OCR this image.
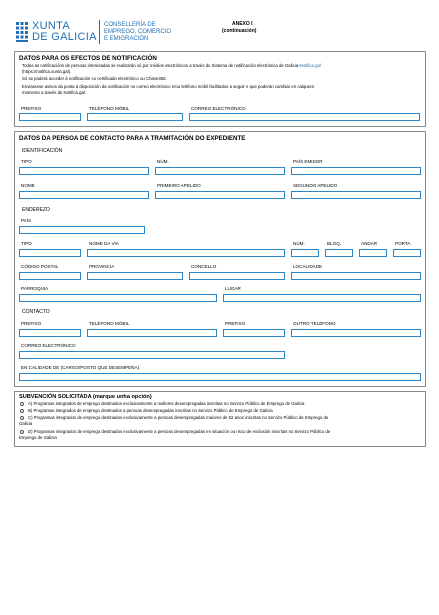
XUNTA
DE GALICIA
CONSELLERÍA DE
EMPREGO, COMERCIO
E EMIGRACIÓN
ANEXO I
(continuación)
DATOS PARA OS EFECTOS DE NOTIFICACIÓN
Todas as notificacións de persoas interesadas se realizarán só por medios electrónicos a través do Sistema de notificación electrónica de Galicia-Notifica.gal
(https://notifica.xunta.gal).
Só se poderá acceder á notificación co certificado electrónico ou Chave365.
Enviaranse avisos da posta á disposición da notificación no correo electrónico e/ou teléfono móbil facilitados a seguir e que poderán cambiar en calquera
momento a través de Notifica.gal.
PREFIXO	TELÉFONO MÓBIL	CORREO ELECTRÓNICO
DATOS DA PERSOA DE CONTACTO PARA A TRAMITACIÓN DO EXPEDIENTE
IDENTIFICACIÓN
TIPO	NÚM.	PAÍS EMISOR
NOME	PRIMEIRO APELIDO	SEGUNDO APELIDO
ENDEREZO
PAÍS
TIPO	NOME DA VÍA	NÚM.	BLOQ.	ANDAR	PORTA
CÓDIGO POSTAL	PROVINCIA	CONCELLO	LOCALIDADE
PARROQUIA	LUGAR
CONTACTO
PREFIXO	TELÉFONO MÓBIL	PREFIXO	OUTRO TELÉFONO
CORREO ELECTRÓNICO
EN CALIDADE DE (CARGO/POSTO QUE DESEMPEÑA)
SUBVENCIÓN SOLICITADA (marque unha opción)
A) Programas integrados de emprego destinados exclusivamente a mulleres desempregadas inscritas no Servizo Público de Emprego de Galicia
B) Programas integrados de emprego destinados a persoas desempregadas inscritas no Servizo Público de Emprego de Galicia
C) Programas integrados de emprego destinados exclusivamente a persoas desempregadas maiores de 52 anos inscritas no Servizo Público de Emprego de
Galicia
D) Programas integrados de emprego destinados exclusivamente a persoas desempregadas en situación ou risco de exclusión inscritas no Servizo Público de
Emprego de Galicia
